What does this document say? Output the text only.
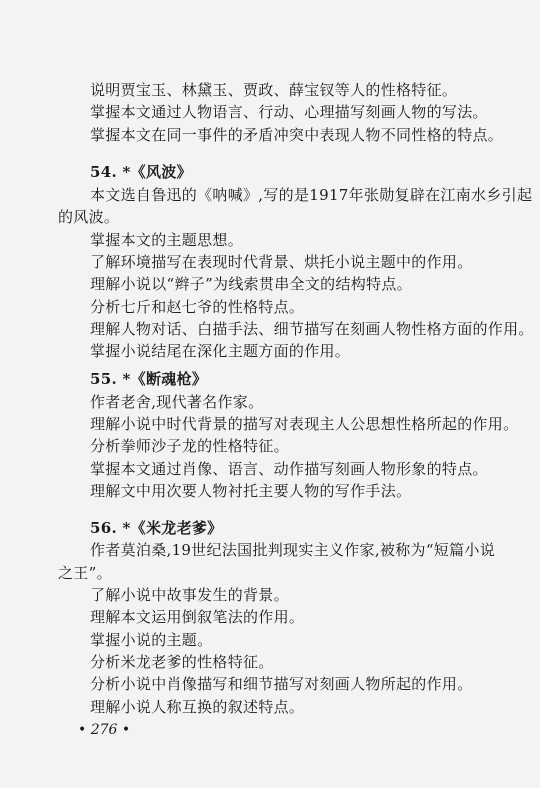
说明贾宝玉、林黛玉、贾政、薛宝钗等人的性格特征。
掌握本文通过人物语言、行动、心理描写刻画人物的写法。
掌握本文在同一事件的矛盾冲突中表现人物不同性格的特点。
54. *《风波》
本文选自鲁迅的《呐喊》,写的是1917年张勋复辟在江南水乡引起
的风波。
掌握本文的主题思想。
了解环境描写在表现时代背景、烘托小说主题中的作用。
理解小说以“辫子”为线索贯串全文的结构特点。
分析七斤和赵七爷的性格特点。
理解人物对话、白描手法、细节描写在刻画人物性格方面的作用。
掌握小说结尾在深化主题方面的作用。
55. *《断魂枪》
作者老舍,现代著名作家。
理解小说中时代背景的描写对表现主人公思想性格所起的作用。
分析拳师沙子龙的性格特征。
掌握本文通过肖像、语言、动作描写刻画人物形象的特点。
理解文中用次要人物衬托主要人物的写作手法。
56. *《米龙老爹》
作者莫泊桑,19世纪法国批判现实主义作家,被称为“短篇小说
之王”。
了解小说中故事发生的背景。
理解本文运用倒叙笔法的作用。
掌握小说的主题。
分析米龙老爹的性格特征。
分析小说中肖像描写和细节描写对刻画人物所起的作用。
理解小说人称互换的叙述特点。
• 276 •
